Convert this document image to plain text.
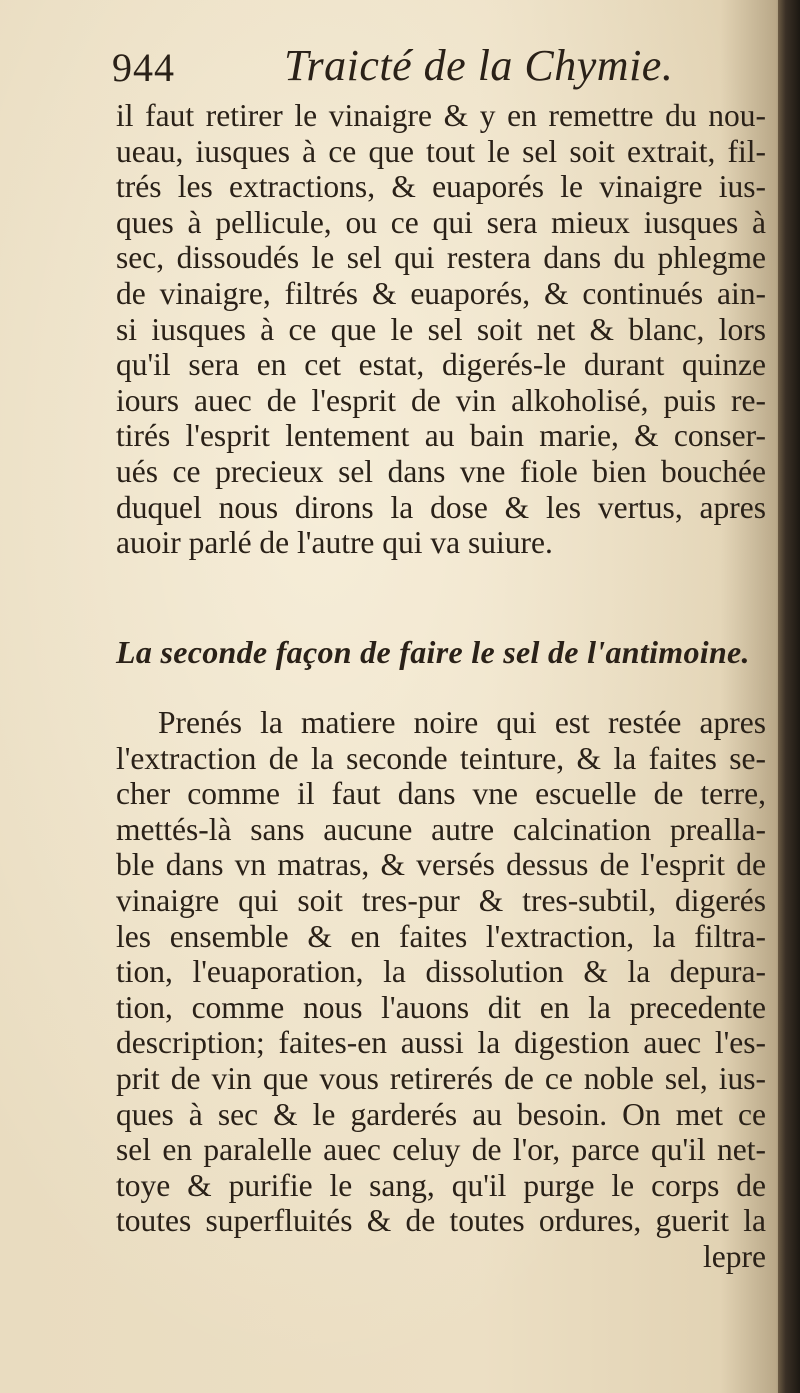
944 Traicté de la Chymie.
il faut retirer le vinaigre & y en remettre du nou-
ueau, iusques à ce que tout le sel soit extrait, fil-
trés les extractions, & euaporés le vinaigre ius-
ques à pellicule, ou ce qui sera mieux iusques à
sec, dissoudés le sel qui restera dans du phlegme
de vinaigre, filtrés & euaporés, & continués ain-
si iusques à ce que le sel soit net & blanc, lors
qu'il sera en cet estat, digerés-le durant quinze
iours auec de l'esprit de vin alkoholisé, puis re-
tirés l'esprit lentement au bain marie, & conser-
ués ce precieux sel dans vne fiole bien bouchée
duquel nous dirons la dose & les vertus, apres
auoir parlé de l'autre qui va suiure.
La seconde façon de faire le sel de l'antimoine.
Prenés la matiere noire qui est restée apres
l'extraction de la seconde teinture, & la faites se-
cher comme il faut dans vne escuelle de terre,
mettés-là sans aucune autre calcination prealla-
ble dans vn matras, & versés dessus de l'esprit de
vinaigre qui soit tres-pur & tres-subtil, digerés
les ensemble & en faites l'extraction, la filtra-
tion, l'euaporation, la dissolution & la depura-
tion, comme nous l'auons dit en la precedente
description; faites-en aussi la digestion auec l'es-
prit de vin que vous retirerés de ce noble sel, ius-
ques à sec & le garderés au besoin. On met ce
sel en paralelle auec celuy de l'or, parce qu'il net-
toye & purifie le sang, qu'il purge le corps de
toutes superfluités & de toutes ordures, guerit la
lepre
